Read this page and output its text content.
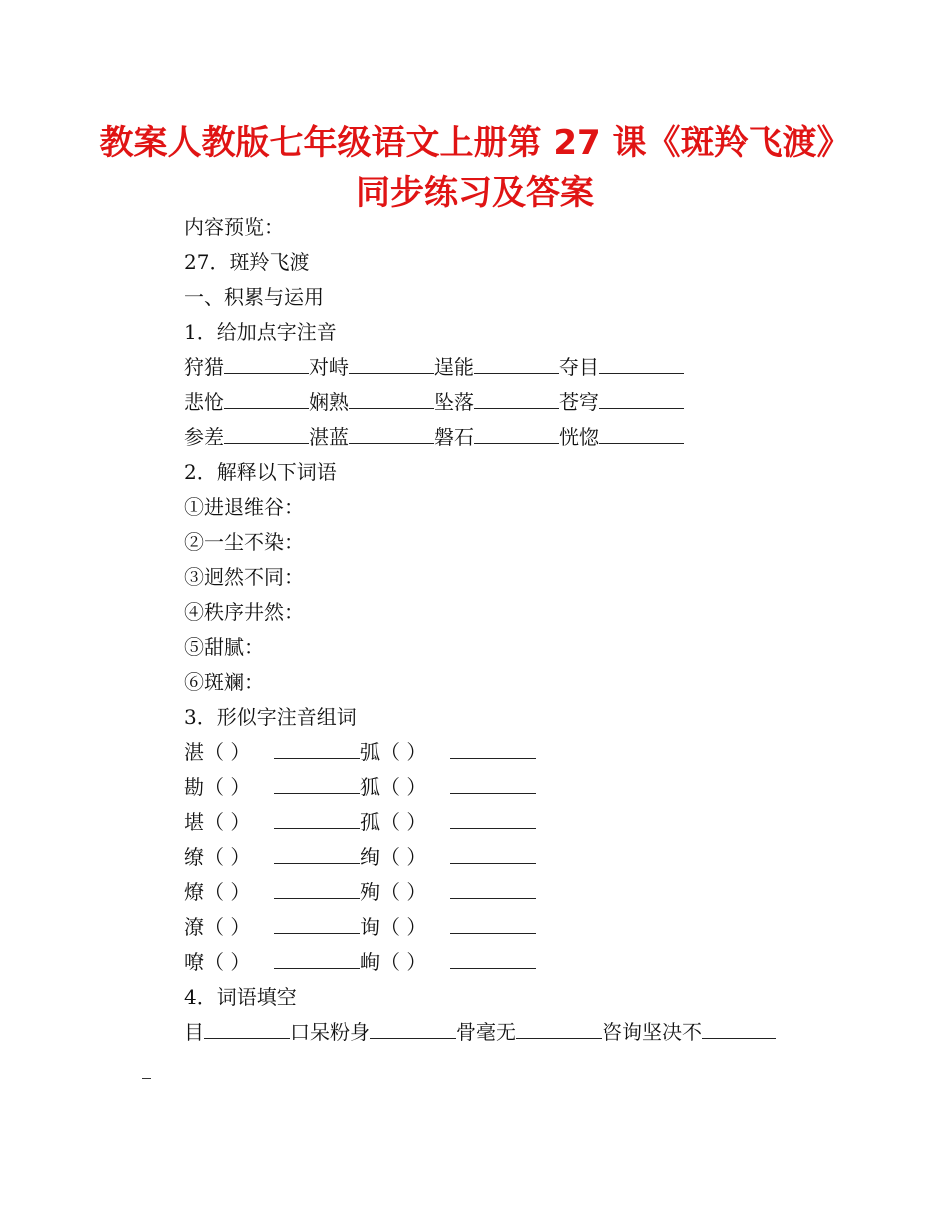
教案人教版七年级语文上册第 27 课《斑羚飞渡》同步练习及答案
内容预览：
27．斑羚飞渡
一、积累与运用
1．给加点字注音
狩猎	对峙	逞能	夺目
悲怆	娴熟	坠落	苍穹
参差	湛蓝	磐石	恍惚
2．解释以下词语
①进退维谷：
②一尘不染：
③迥然不同：
④秩序井然：
⑤甜腻：
⑥斑斓：
3．形似字注音组词
湛（ ）	弧（ ）
勘（ ）	狐（ ）
堪（ ）	孤（ ）
缭（ ）	绚（ ）
燎（ ）	殉（ ）
潦（ ）	询（ ）
嘹（ ）	峋（ ）
4．词语填空
目	口呆粉身	骨毫无	咨询坚决不
